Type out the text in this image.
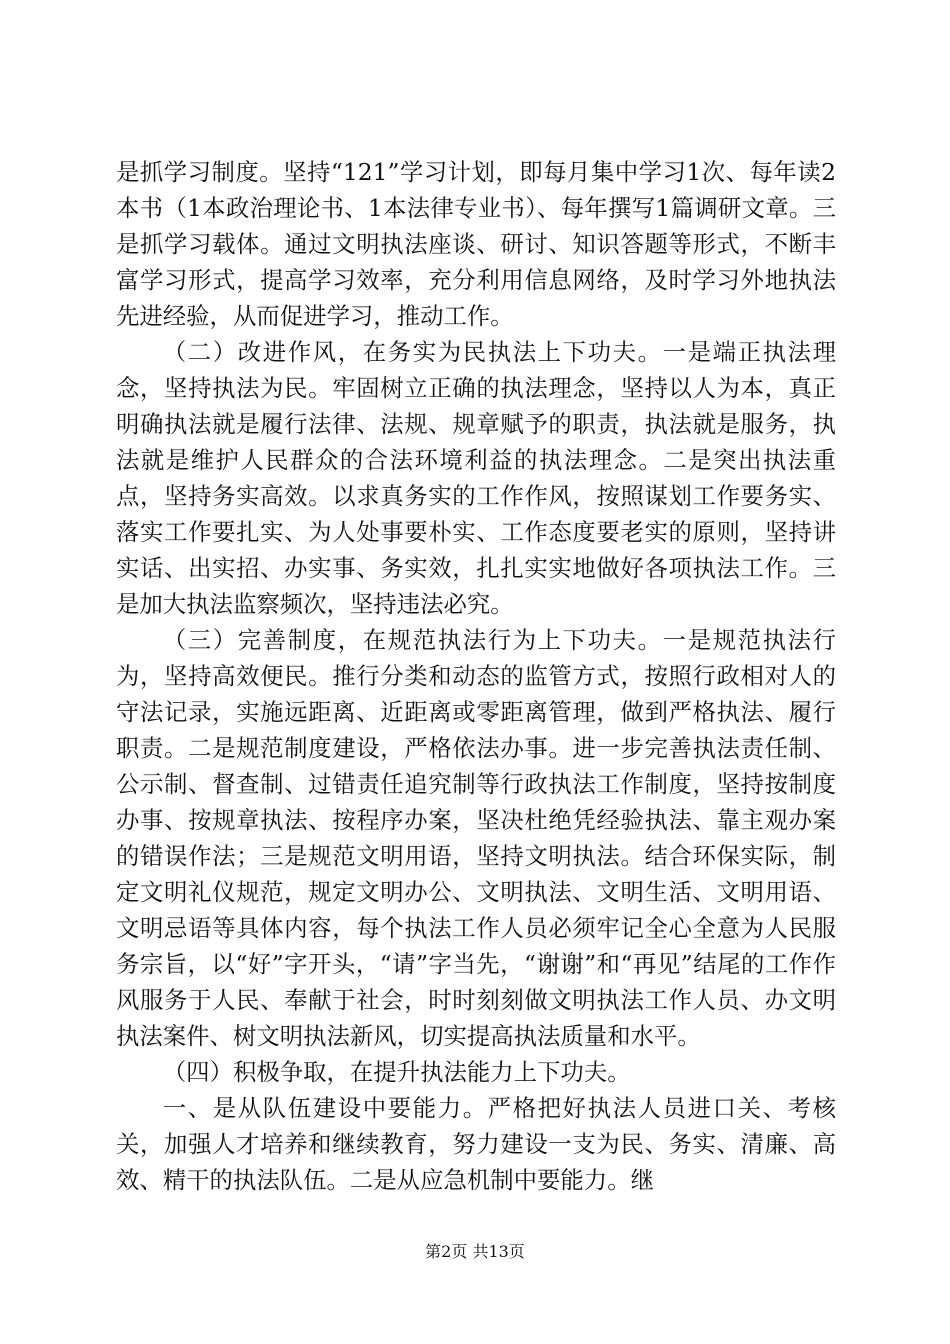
是抓学习制度。坚持“121”学习计划，即每月集中学习1次、每年读2本书（1本政治理论书、1本法律专业书）、每年撰写1篇调研文章。三是抓学习载体。通过文明执法座谈、研讨、知识答题等形式，不断丰富学习形式，提高学习效率，充分利用信息网络，及时学习外地执法先进经验，从而促进学习，推动工作。

（二）改进作风，在务实为民执法上下功夫。一是端正执法理念，坚持执法为民。牢固树立正确的执法理念，坚持以人为本，真正明确执法就是履行法律、法规、规章赋予的职责，执法就是服务，执法就是维护人民群众的合法环境利益的执法理念。二是突出执法重点，坚持务实高效。以求真务实的工作作风，按照谋划工作要务实、落实工作要扎实、为人处事要朴实、工作态度要老实的原则，坚持讲实话、出实招、办实事、务实效，扎扎实实地做好各项执法工作。三是加大执法监察频次，坚持违法必究。

（三）完善制度，在规范执法行为上下功夫。一是规范执法行为，坚持高效便民。推行分类和动态的监管方式，按照行政相对人的守法记录，实施远距离、近距离或零距离管理，做到严格执法、履行职责。二是规范制度建设，严格依法办事。进一步完善执法责任制、公示制、督查制、过错责任追究制等行政执法工作制度，坚持按制度办事、按规章执法、按程序办案，坚决杜绝凭经验执法、靠主观办案的错误作法；三是规范文明用语，坚持文明执法。结合环保实际，制定文明礼仪规范，规定文明办公、文明执法、文明生活、文明用语、文明忌语等具体内容，每个执法工作人员必须牢记全心全意为人民服务宗旨，以“好”字开头，“请”字当先，“谢谢”和“再见”结尾的工作作风服务于人民、奉献于社会，时时刻刻做文明执法工作人员、办文明执法案件、树文明执法新风，切实提高执法质量和水平。

（四）积极争取，在提升执法能力上下功夫。

一、是从队伍建设中要能力。严格把好执法人员进口关、考核关，加强人才培养和继续教育，努力建设一支为民、务实、清廉、高效、精干的执法队伍。二是从应急机制中要能力。继

第2页 共13页
